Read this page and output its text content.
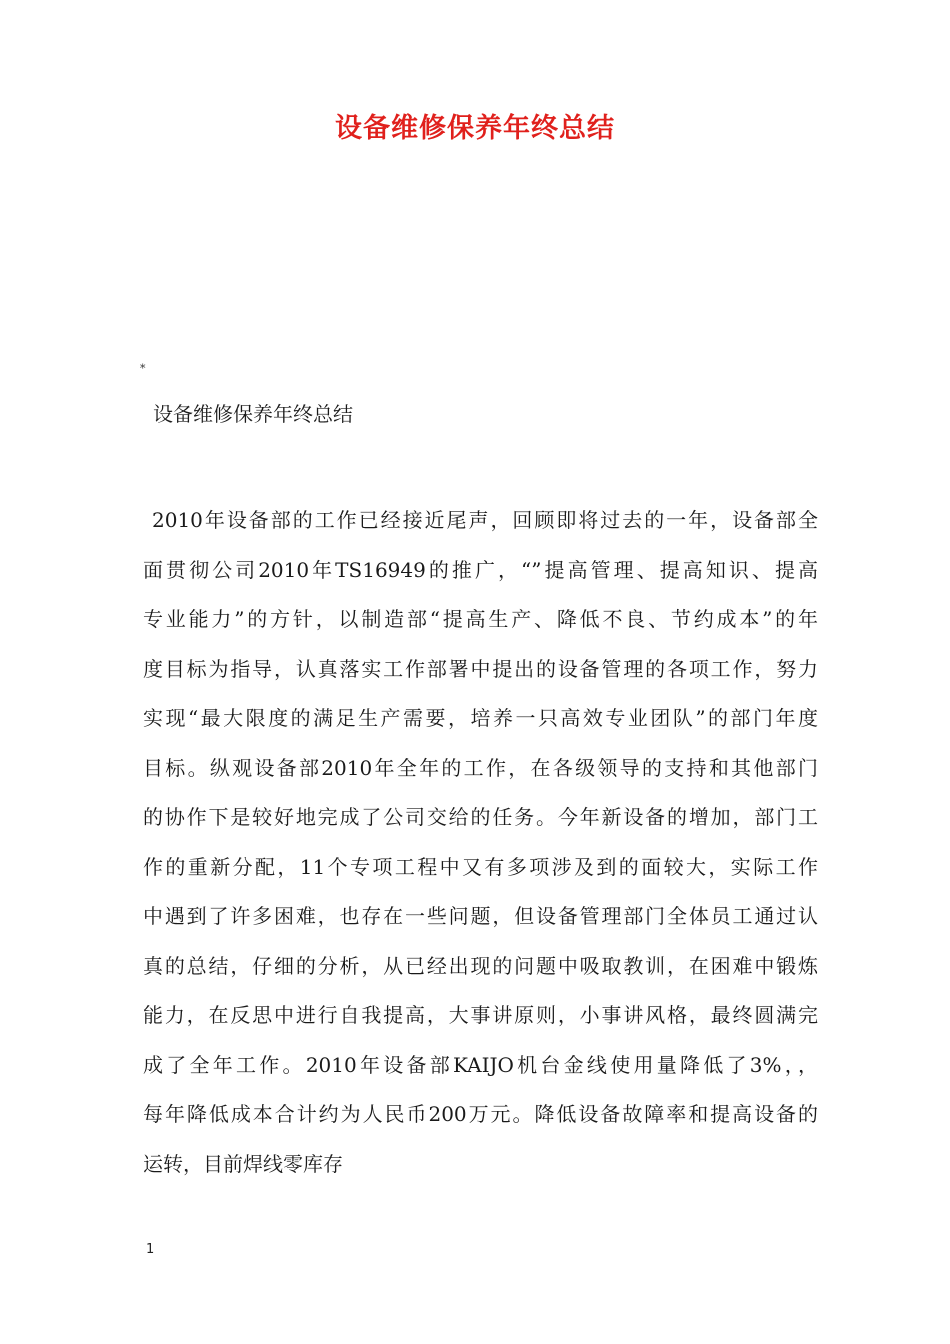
设备维修保养年终总结
*

设备维修保养年终总结

2010年设备部的工作已经接近尾声，回顾即将过去的一年，设备部全
面贯彻公司2010年TS16949的推广，“”提高管理、提高知识、提高
专业能力”的方针，以制造部“提高生产、降低不良、节约成本”的年
度目标为指导，认真落实工作部署中提出的设备管理的各项工作，努力
实现“最大限度的满足生产需要，培养一只高效专业团队”的部门年度
目标。纵观设备部2010年全年的工作，在各级领导的支持和其他部门
的协作下是较好地完成了公司交给的任务。今年新设备的增加，部门工
作的重新分配，11个专项工程中又有多项涉及到的面较大，实际工作
中遇到了许多困难，也存在一些问题，但设备管理部门全体员工通过认
真的总结，仔细的分析，从已经出现的问题中吸取教训，在困难中锻炼
能力，在反思中进行自我提高，大事讲原则，小事讲风格，最终圆满完
成了全年工作。2010年设备部KAIJO机台金线使用量降低了3%，，
每年降低成本合计约为人民币200万元。降低设备故障率和提高设备的
运转，目前焊线零库存
1
